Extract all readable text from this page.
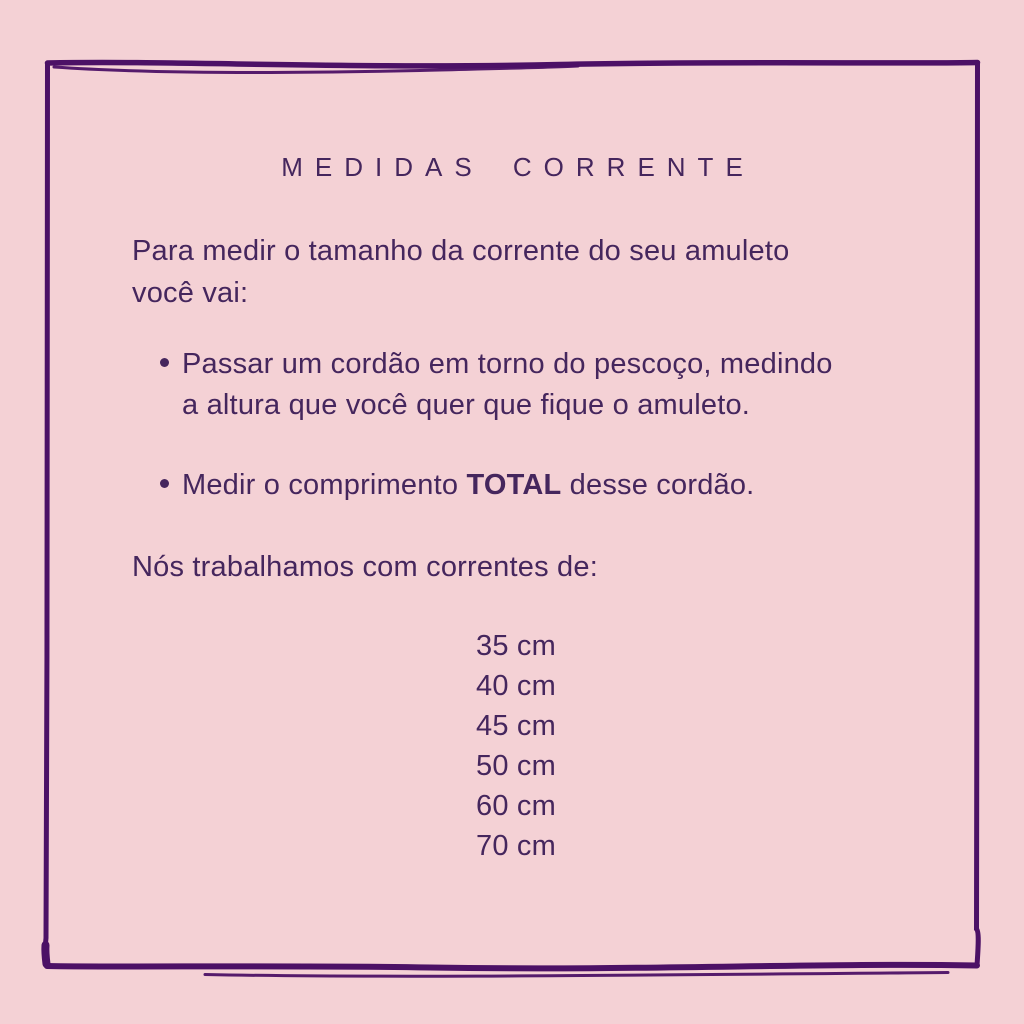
MEDIDAS CORRENTE

Para medir o tamanho da corrente do seu amuleto
você vai:

Passar um cordão em torno do pescoço, medindo
a altura que você quer que fique o amuleto.
Medir o comprimento TOTAL desse cordão.

Nós trabalhamos com correntes de:

35 cm
40 cm
45 cm
50 cm
60 cm
70 cm
